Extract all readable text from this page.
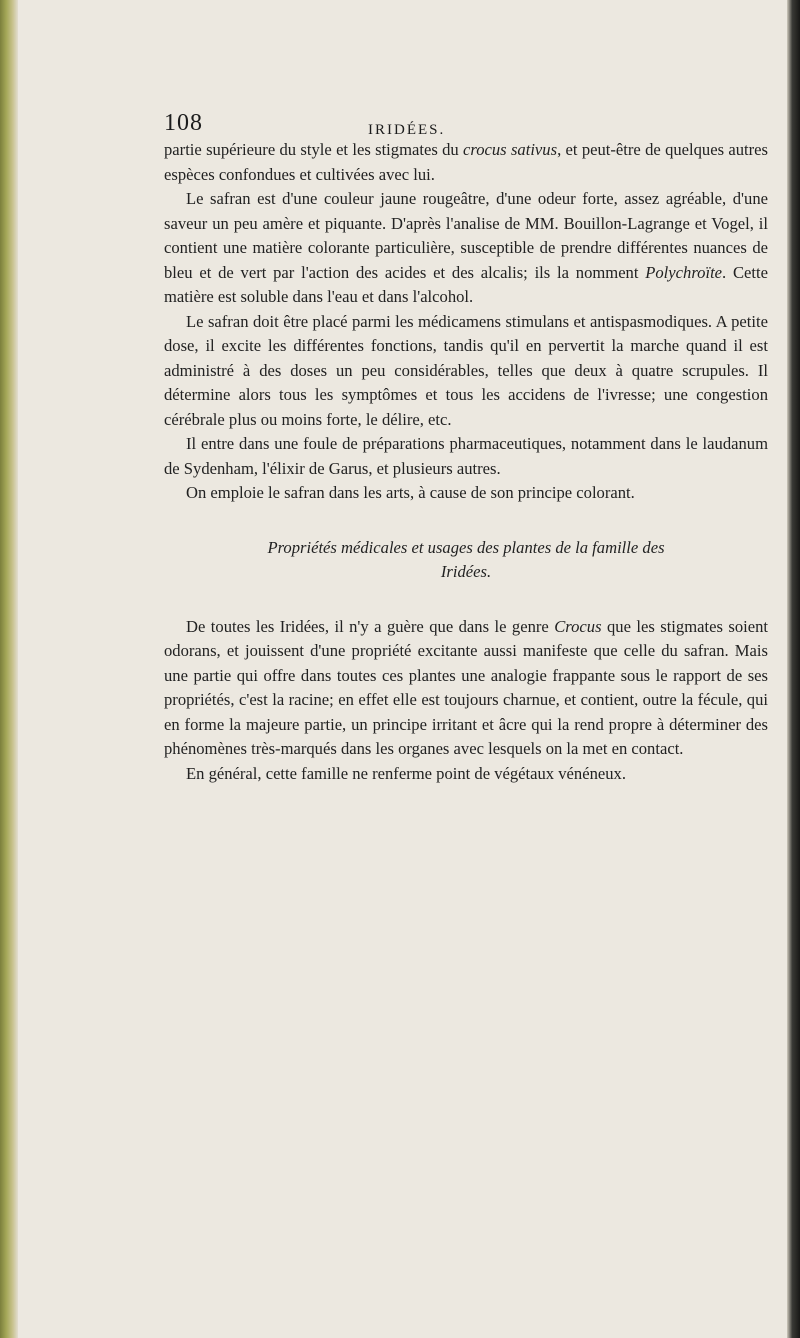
108	IRIDÉES.

partie supérieure du style et les stigmates du crocus sativus, et peut-être de quelques autres espèces confondues et cultivées avec lui.

Le safran est d'une couleur jaune rougeâtre, d'une odeur forte, assez agréable, d'une saveur un peu amère et piquante. D'après l'analise de MM. Bouillon-Lagrange et Vogel, il contient une matière colorante particulière, susceptible de prendre différentes nuances de bleu et de vert par l'action des acides et des alcalis; ils la nomment Polychroïte. Cette matière est soluble dans l'eau et dans l'alcohol.

Le safran doit être placé parmi les médicamens stimulans et antispasmodiques. A petite dose, il excite les différentes fonctions, tandis qu'il en pervertit la marche quand il est administré à des doses un peu considérables, telles que deux à quatre scrupules. Il détermine alors tous les symptômes et tous les accidens de l'ivresse; une congestion cérébrale plus ou moins forte, le délire, etc.

Il entre dans une foule de préparations pharmaceutiques, notamment dans le laudanum de Sydenham, l'élixir de Garus, et plusieurs autres.

On emploie le safran dans les arts, à cause de son principe colorant.

Propriétés médicales et usages des plantes de la famille des
Iridées.

De toutes les Iridées, il n'y a guère que dans le genre Crocus que les stigmates soient odorans, et jouissent d'une propriété excitante aussi manifeste que celle du safran. Mais une partie qui offre dans toutes ces plantes une analogie frappante sous le rapport de ses propriétés, c'est la racine; en effet elle est toujours charnue, et contient, outre la fécule, qui en forme la majeure partie, un principe irritant et âcre qui la rend propre à déterminer des phénomènes très-marqués dans les organes avec lesquels on la met en contact.

En général, cette famille ne renferme point de végétaux vénéneux.
